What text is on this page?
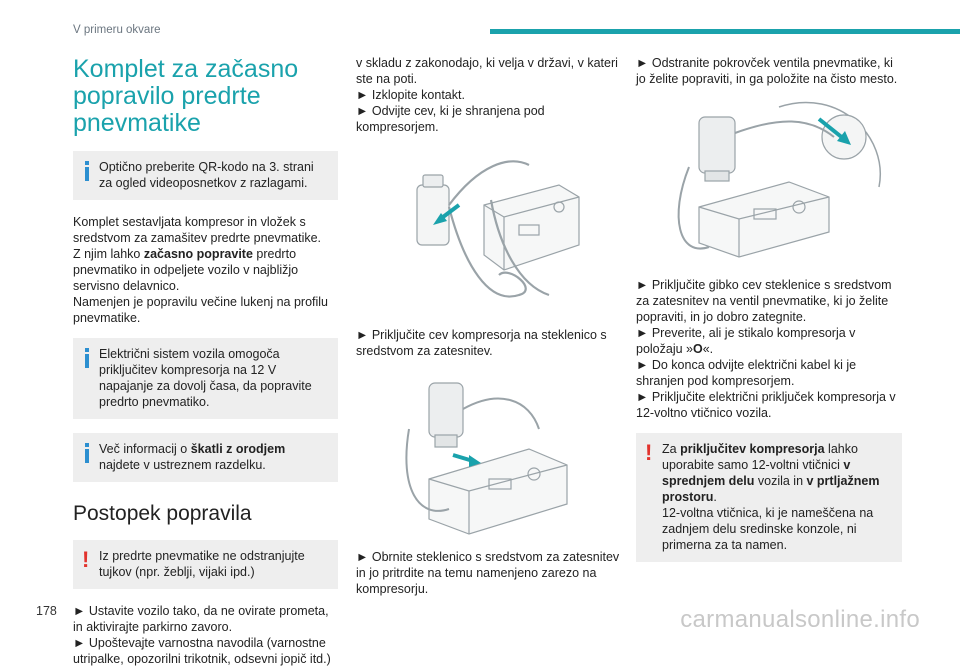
V primeru okvare
Komplet za začasno popravilo predrte pnevmatike
Optično preberite QR-kodo na 3. strani za ogled videoposnetkov z razlagami.

Komplet sestavljata kompresor in vložek s sredstvom za zamašitev predrte pnevmatike.
Z njim lahko začasno popravite predrto pnevmatiko in odpeljete vozilo v najbližjo servisno delavnico.
Namenjen je popravilu večine lukenj na profilu pnevmatike.

Električni sistem vozila omogoča priključitev kompresorja na 12 V napajanje za dovolj časa, da popravite predrto pnevmatiko.
Več informacij o škatli z orodjem najdete v ustreznem razdelku.
Postopek popravila
! Iz predrte pnevmatike ne odstranjujte tujkov (npr. žeblji, vijaki ipd.)

► Ustavite vozilo tako, da ne ovirate prometa, in aktivirajte parkirno zavoro.
► Upoštevajte varnostna navodila (varnostne utripalke, opozorilni trikotnik, odsevni jopič itd.)

v skladu z zakonodajo, ki velja v državi, v kateri ste na poti.
► Izklopite kontakt.
► Odvijte cev, ki je shranjena pod kompresorjem.

► Priključite cev kompresorja na steklenico s sredstvom za zatesnitev.

► Obrnite steklenico s sredstvom za zatesnitev in jo pritrdite na temu namenjeno zarezo na kompresorju.

► Odstranite pokrovček ventila pnevmatike, ki jo želite popraviti, in ga položite na čisto mesto.

► Priključite gibko cev steklenice s sredstvom za zatesnitev na ventil pnevmatike, ki jo želite popraviti, in jo dobro zategnite.
► Preverite, ali je stikalo kompresorja v položaju »O«.
► Do konca odvijte električni kabel ki je shranjen pod kompresorjem.
► Priključite električni priključek kompresorja v 12-voltno vtičnico vozila.

! Za priključitev kompresorja lahko uporabite samo 12-voltni vtičnici v sprednjem delu vozila in v prtljažnem prostoru.
12-voltna vtičnica, ki je nameščena na zadnjem delu sredinske konzole, ni primerna za ta namen.
178	carmanualsonline.info
